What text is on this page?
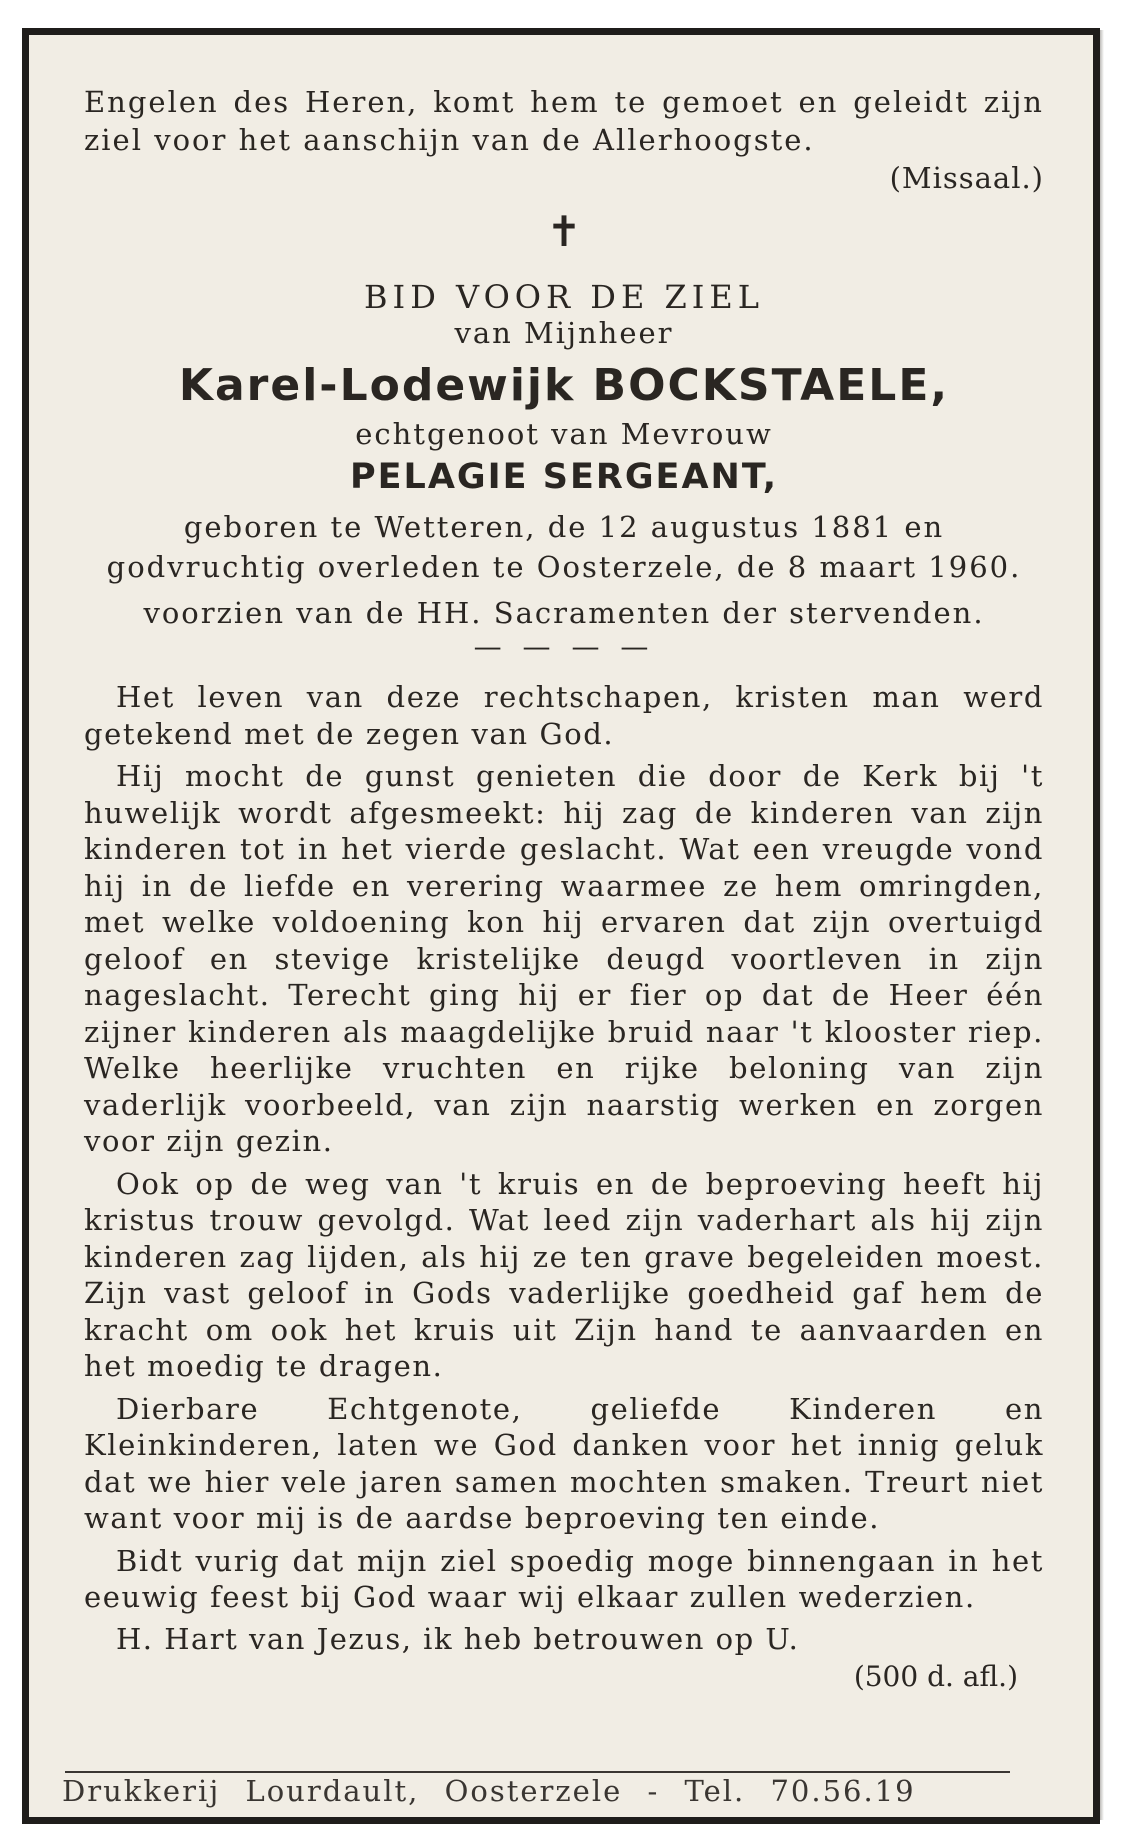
Engelen des Heren, komt hem te gemoet en geleidt zijn ziel voor het aanschijn van de Allerhoogste.
(Missaal.)
✝
BID VOOR DE ZIEL
van Mijnheer
Karel-Lodewijk BOCKSTAELE,
echtgenoot van Mevrouw
PELAGIE SERGEANT,
geboren te Wetteren, de 12 augustus 1881 en
godvruchtig overleden te Oosterzele, de 8 maart 1960.
voorzien van de HH. Sacramenten der stervenden.
— — — —

Het leven van deze rechtschapen, kristen man werd getekend met de zegen van God.

Hij mocht de gunst genieten die door de Kerk bij 't huwelijk wordt afgesmeekt: hij zag de kinderen van zijn kinderen tot in het vierde geslacht. Wat een vreugde vond hij in de liefde en verering waarmee ze hem omringden, met welke voldoening kon hij ervaren dat zijn overtuigd geloof en stevige kristelijke deugd voortleven in zijn nageslacht. Terecht ging hij er fier op dat de Heer één zijner kinderen als maagdelijke bruid naar 't klooster riep. Welke heerlijke vruchten en rijke beloning van zijn vaderlijk voorbeeld, van zijn naarstig werken en zorgen voor zijn gezin.

Ook op de weg van 't kruis en de beproeving heeft hij kristus trouw gevolgd. Wat leed zijn vaderhart als hij zijn kinderen zag lijden, als hij ze ten grave begeleiden moest. Zijn vast geloof in Gods vaderlijke goedheid gaf hem de kracht om ook het kruis uit Zijn hand te aanvaarden en het moedig te dragen.

Dierbare Echtgenote, geliefde Kinderen en Kleinkinderen, laten we God danken voor het innig geluk dat we hier vele jaren samen mochten smaken. Treurt niet want voor mij is de aardse beproeving ten einde.

Bidt vurig dat mijn ziel spoedig moge binnengaan in het eeuwig feest bij God waar wij elkaar zullen wederzien.

H. Hart van Jezus, ik heb betrouwen op U.
(500 d. afl.)
Drukkerij Lourdault, Oosterzele - Tel. 70.56.19
